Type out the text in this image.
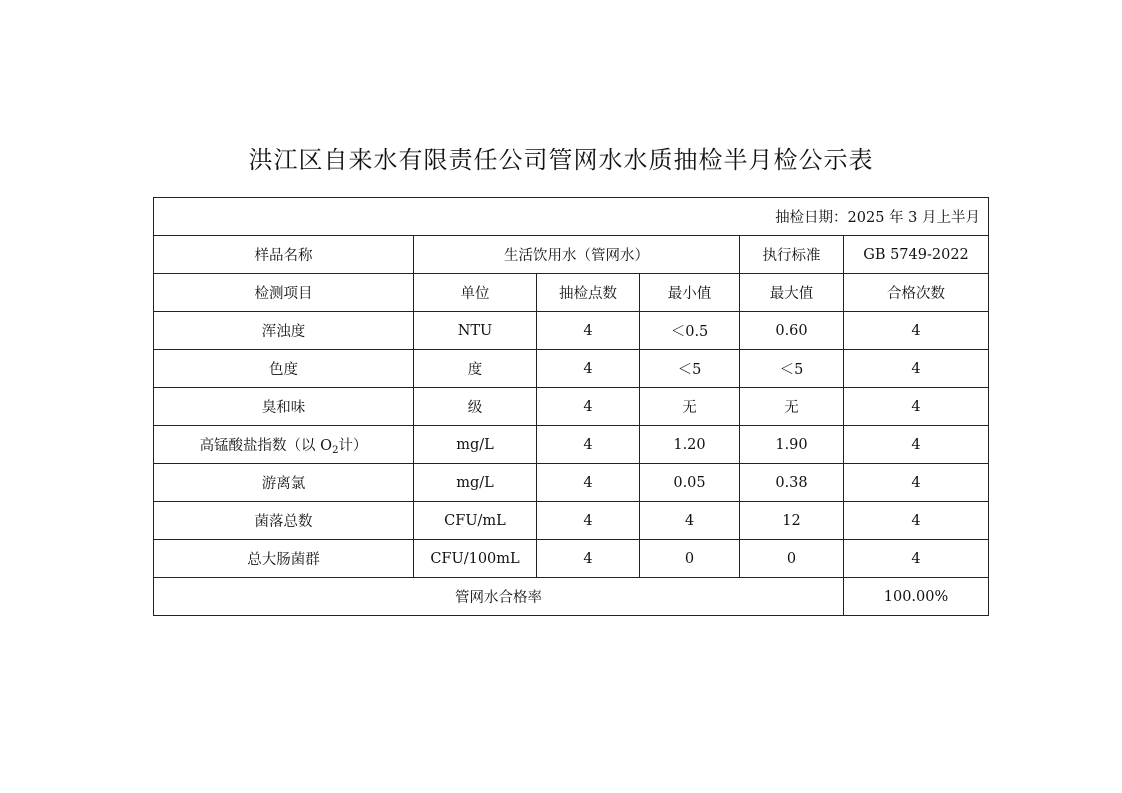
洪江区自来水有限责任公司管网水水质抽检半月检公示表
抽检日期：2025 年 3 月上半月					
样品名称	生活饮用水（管网水）			执行标准	GB 5749-2022
检测项目	单位	抽检点数	最小值	最大值	合格次数
浑浊度	NTU	4	＜0.5	0.60	4
色度	度	4	＜5	＜5	4
臭和味	级	4	无	无	4
高锰酸盐指数（以 $O_2$计）	mg/L	4	1.20	1.90	4
游离氯	mg/L	4	0.05	0.38	4
菌落总数	CFU/mL	4	4	12	4
总大肠菌群	CFU/100mL	4	0	0	4
管网水合格率					100.00%
